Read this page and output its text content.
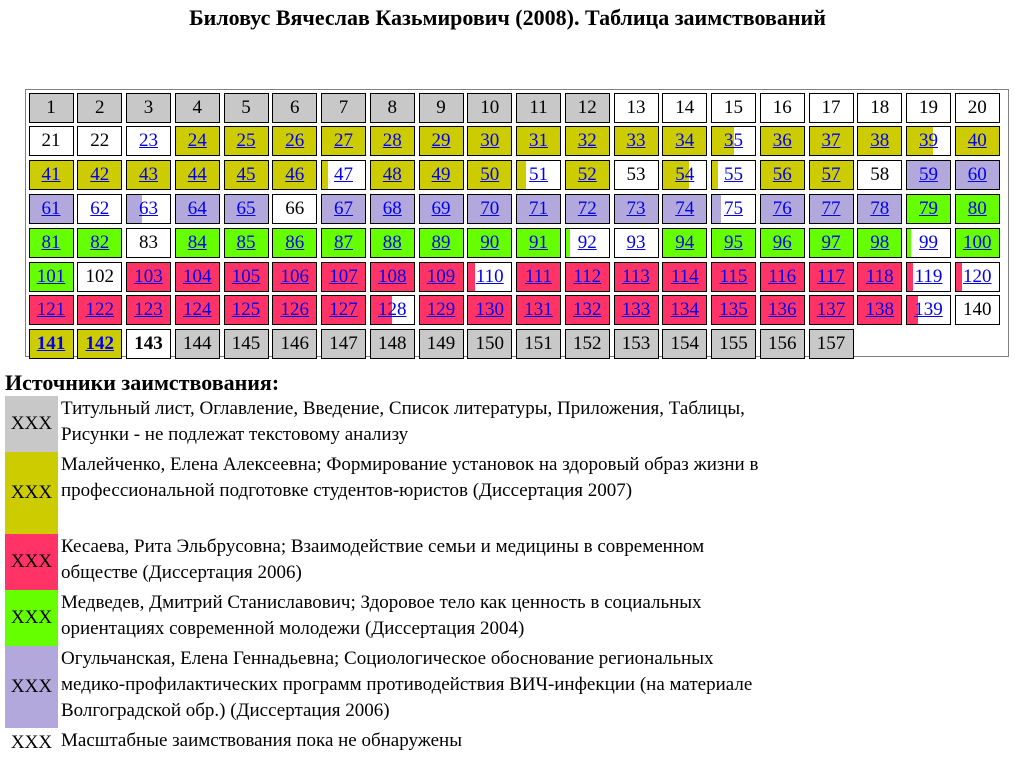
Биловус Вячеслав Казьмирович (2008). Таблица заимствований
1	2	3	4	5	6	7	8	9	10	11	12	13	14	15	16	17	18	19	20
21	22	23	24	25	26	27	28	29	30	31	32	33	34	35	36	37	38	39	40
41	42	43	44	45	46	47	48	49	50	51	52	53	54	55	56	57	58	59	60
61	62	63	64	65	66	67	68	69	70	71	72	73	74	75	76	77	78	79	80
81	82	83	84	85	86	87	88	89	90	91	92	93	94	95	96	97	98	99	100
101	102	103	104	105	106	107	108	109	110	111	112	113	114	115	116	117	118	119	120
121	122	123	124	125	126	127	128	129	130	131	132	133	134	135	136	137	138	139	140
141	142	143	144	145	146	147	148	149	150	151	152	153	154	155	156	157
Источники заимствования:
XXX
Титульный лист, Оглавление, Введение, Список литературы, Приложения, Таблицы, Рисунки - не подлежат текстовому анализу
XXX
Малейченко, Елена Алексеевна; Формирование установок на здоровый образ жизни в профессиональной подготовке студентов-юристов (Диссертация 2007)
XXX
Кесаева, Рита Эльбрусовна; Взаимодействие семьи и медицины в современном обществе (Диссертация 2006)
XXX
Медведев, Дмитрий Станиславович; Здоровое тело как ценность в социальных ориентациях современной молодежи (Диссертация 2004)
XXX
Огульчанская, Елена Геннадьевна; Социологическое обоснование региональных медико-профилактических программ противодействия ВИЧ-инфекции (на материале Волгоградской обр.) (Диссертация 2006)
XXX Масштабные заимствования пока не обнаружены
